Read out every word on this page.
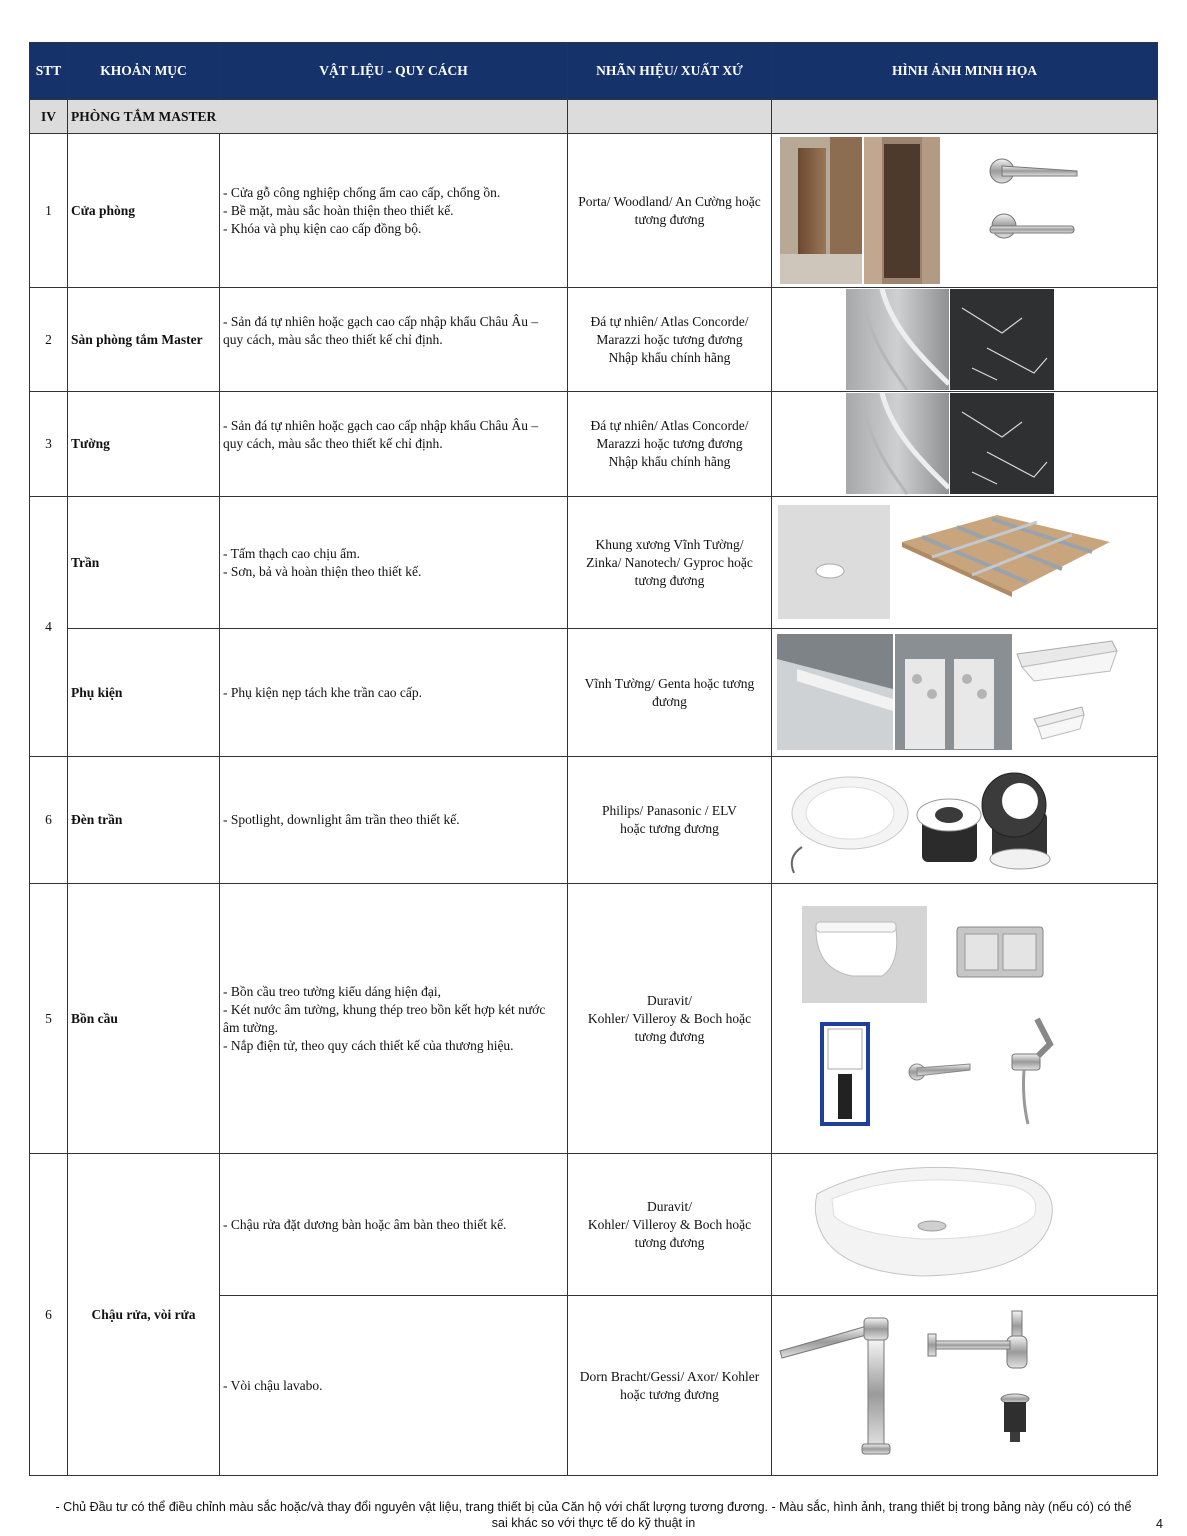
STT	KHOẢN MỤC	VẬT LIỆU - QUY CÁCH	NHÃN HIỆU/ XUẤT XỨ	HÌNH ẢNH MINH HỌA
IV	PHÒNG TẮM MASTER			
1	Cửa phòng	- Cửa gỗ công nghiệp chống ẩm cao cấp, chống ồn.
- Bề mặt, màu sắc hoàn thiện theo thiết kế.
- Khóa và phụ kiện cao cấp đồng bộ.	Porta/ Woodland/ An Cường hoặc
tương đương

2	Sàn phòng tắm Master	- Sản đá tự nhiên hoặc gạch cao cấp nhập khẩu Châu Âu –
quy cách, màu sắc theo thiết kế chỉ định.	Đá tự nhiên/ Atlas Concorde/
Marazzi hoặc tương đương
Nhập khẩu chính hãng

3	Tường	- Sản đá tự nhiên hoặc gạch cao cấp nhập khẩu Châu Âu –
quy cách, màu sắc theo thiết kế chỉ định.	Đá tự nhiên/ Atlas Concorde/
Marazzi hoặc tương đương
Nhập khẩu chính hãng

4	Trần	- Tấm thạch cao chịu ẩm.
- Sơn, bả và hoàn thiện theo thiết kế.	Khung xương Vĩnh Tường/
Zinka/ Nanotech/ Gyproc hoặc
tương đương

	Phụ kiện	- Phụ kiện nẹp tách khe trần cao cấp.	Vĩnh Tường/ Genta hoặc tương
đương

6	Đèn trần	- Spotlight, downlight âm trần theo thiết kế.	Philips/ Panasonic / ELV
hoặc tương đương

5	Bồn cầu	- Bồn cầu treo tường kiểu dáng hiện đại,
- Két nước âm tường, khung thép treo bồn kết hợp két nước
âm tường.
- Nắp điện tử, theo quy cách thiết kế của thương hiệu.	Duravit/
Kohler/ Villeroy & Boch hoặc
tương đương

6	Chậu rửa, vòi rửa	- Chậu rửa đặt dương bàn hoặc âm bàn theo thiết kế.	Duravit/
Kohler/ Villeroy & Boch hoặc
tương đương

		- Vòi chậu lavabo.	Dorn Bracht/Gessi/ Axor/ Kohler
hoặc tương đương

- Chủ Đầu tư có thể điều chỉnh màu sắc hoặc/và thay đổi nguyên vật liệu, trang thiết bị của Căn hộ với chất lượng tương đương. - Màu sắc, hình ảnh, trang thiết bị trong bảng này (nếu có) có thể
sai khác so với thực tế do kỹ thuật in	4
